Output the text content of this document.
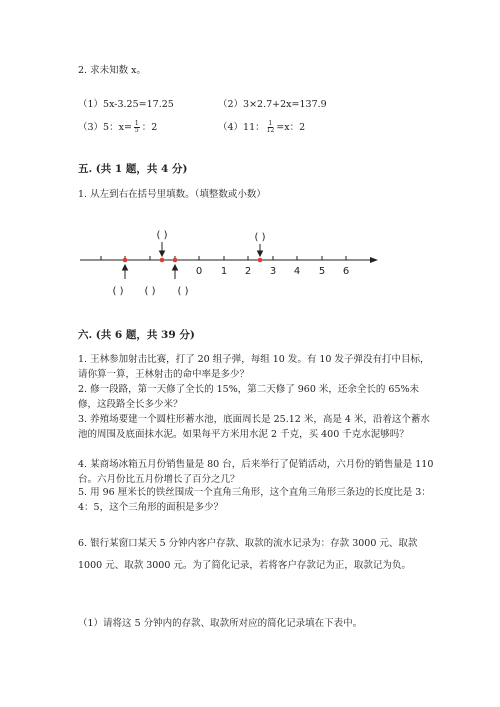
2. 求未知数 x。
（1）5x-3.25=17.25	（2）3×2.7+2x=137.9
（3）5：$x= \frac{1}{5}$ ：2	（4）11： $\frac{1}{12} =x$：2
五. (共 1 题，共 4 分)
1. 从左到右在括号里填数。（填整数或小数）
0 1 2 3 4 5 6
( )	( )
( ) ( ) ( )
六. (共 6 题，共 39 分)
1. 王林参加射击比赛，打了 20 组子弹，每组 10 发。有 10 发子弹没有打中目标，请你算一算，王林射击的命中率是多少？
2. 修一段路，第一天修了全长的 15%，第二天修了 960 米，还余全长的 65%未修，这段路全长多少米？
3. 养殖场要建一个圆柱形蓄水池，底面周长是 25.12 米，高是 4 米，沿着这个蓄水池的周围及底面抹水泥。如果每平方米用水泥 2 千克，买 400 千克水泥够吗？
4. 某商场冰箱五月份销售量是 80 台，后来举行了促销活动，六月份的销售量是 110 台。六月份比五月份增长了百分之几？
5. 用 96 厘米长的铁丝围成一个直角三角形，这个直角三角形三条边的长度比是 3：4：5，这个三角形的面积是多少？
6. 银行某窗口某天 5 分钟内客户存款、取款的流水记录为：存款 3000 元、取款
1000 元、取款 3000 元。为了简化记录，若将客户存款记为正，取款记为负。
（1）请将这 5 分钟内的存款、取款所对应的简化记录填在下表中。
